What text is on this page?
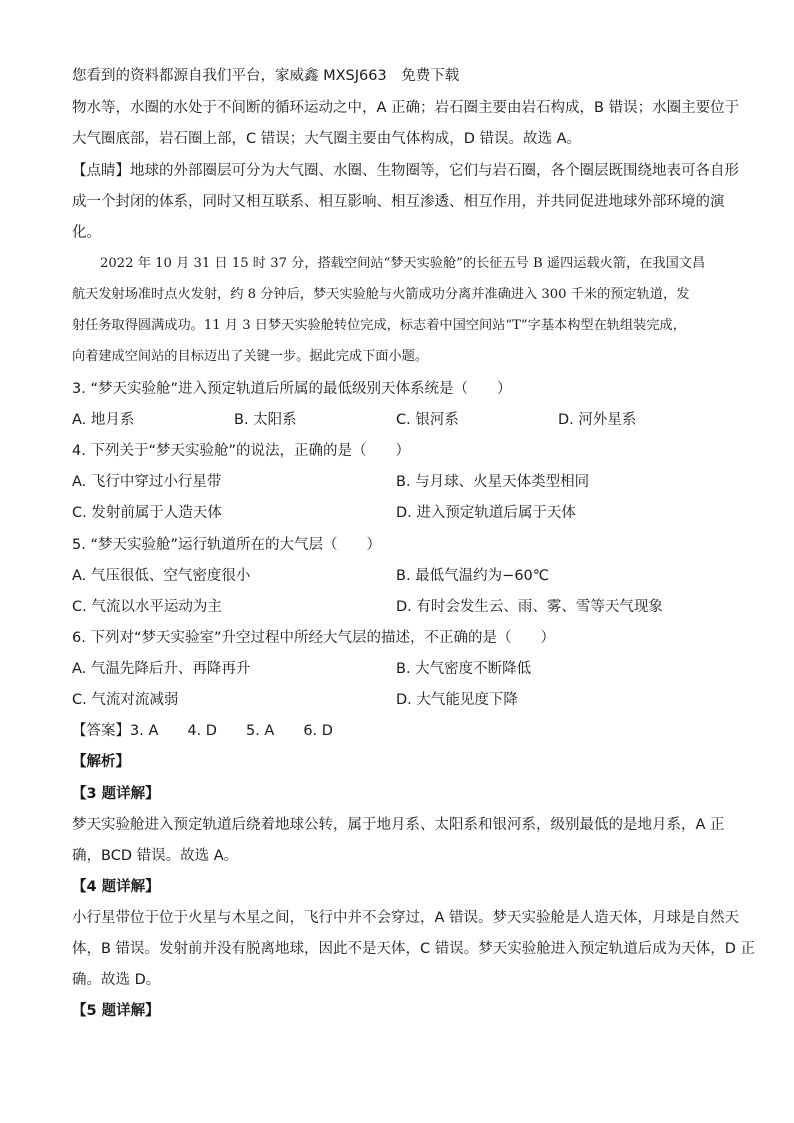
您看到的资料都源自我们平台，家威鑫 MXSJ663　免费下载
物水等，水圈的水处于不间断的循环运动之中，A 正确；岩石圈主要由岩石构成，B 错误；水圈主要位于
大气圈底部，岩石圈上部，C 错误；大气圈主要由气体构成，D 错误。故选 A。
【点睛】地球的外部圈层可分为大气圈、水圈、生物圈等，它们与岩石圈，各个圈层既围绕地表可各自形
成一个封闭的体系，同时又相互联系、相互影响、相互渗透、相互作用，并共同促进地球外部环境的演
化。
2022 年 10 月 31 日 15 时 37 分，搭载空间站“梦天实验舱”的长征五号 B 遥四运载火箭，在我国文昌
航天发射场准时点火发射，约 8 分钟后，梦天实验舱与火箭成功分离并准确进入 300 千米的预定轨道，发
射任务取得圆满成功。11 月 3 日梦天实验舱转位完成，标志着中国空间站“T”字基本构型在轨组装完成，
向着建成空间站的目标迈出了关键一步。据此完成下面小题。
3. “梦天实验舱”进入预定轨道后所属的最低级别天体系统是（　　）
A. 地月系	B. 太阳系	C. 银河系	D. 河外星系
4. 下列关于“梦天实验舱”的说法，正确的是（　　）
A. 飞行中穿过小行星带	B. 与月球、火星天体类型相同
C. 发射前属于人造天体	D. 进入预定轨道后属于天体
5. “梦天实验舱”运行轨道所在的大气层（　　）
A. 气压很低、空气密度很小	B. 最低气温约为−60℃
C. 气流以水平运动为主	D. 有时会发生云、雨、雾、雪等天气现象
6. 下列对“梦天实验室”升空过程中所经大气层的描述，不正确的是（　　）
A. 气温先降后升、再降再升	B. 大气密度不断降低
C. 气流对流减弱	D. 大气能见度下降
【答案】3. A　　4. D　　5. A　　6. D
【解析】
【3 题详解】
梦天实验舱进入预定轨道后绕着地球公转，属于地月系、太阳系和银河系，级别最低的是地月系，A 正
确，BCD 错误。故选 A。
【4 题详解】
小行星带位于位于火星与木星之间，飞行中并不会穿过，A 错误。梦天实验舱是人造天体，月球是自然天
体，B 错误。发射前并没有脱离地球，因此不是天体，C 错误。梦天实验舱进入预定轨道后成为天体，D 正
确。故选 D。
【5 题详解】
